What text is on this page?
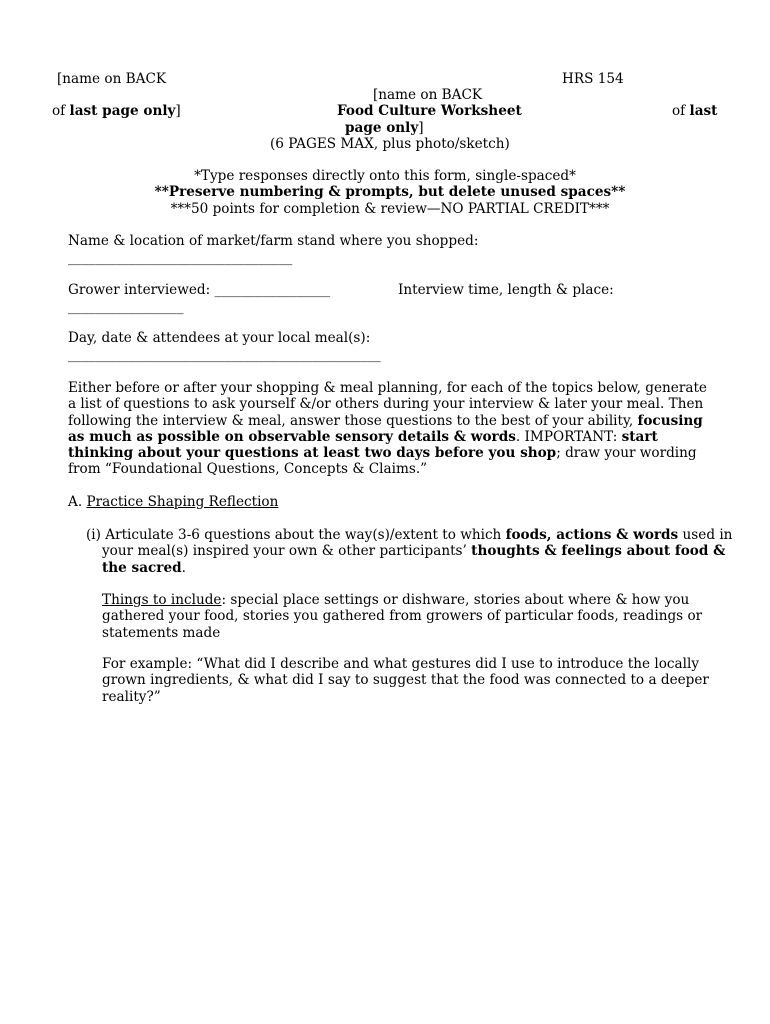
[name on BACK
of last page only]
[name on BACK
HRS 154
Food Culture Worksheet	of last
page only]
(6 PAGES MAX, plus photo/sketch)
*Type responses directly onto this form, single-spaced*
**Preserve numbering & prompts, but delete unused spaces**
***50 points for completion & review—NO PARTIAL CREDIT***
Name & location of market/farm stand where you shopped:
_________________________________
Grower interviewed: _________________	Interview time, length & place:
_________________
Day, date & attendees at your local meal(s):
______________________________________________

Either before or after your shopping & meal planning, for each of the topics below, generate a list of questions to ask yourself &/or others during your interview & later your meal. Then following the interview & meal, answer those questions to the best of your ability, focusing as much as possible on observable sensory details & words. IMPORTANT: start thinking about your questions at least two days before you shop; draw your wording from “Foundational Questions, Concepts & Claims.”

A. Practice Shaping Reflection

(i) Articulate 3-6 questions about the way(s)/extent to which foods, actions & words used in your meal(s) inspired your own & other participants’ thoughts & feelings about food & the sacred.

Things to include: special place settings or dishware, stories about where & how you gathered your food, stories you gathered from growers of particular foods, readings or statements made

For example: “What did I describe and what gestures did I use to introduce the locally grown ingredients, & what did I say to suggest that the food was connected to a deeper reality?”
